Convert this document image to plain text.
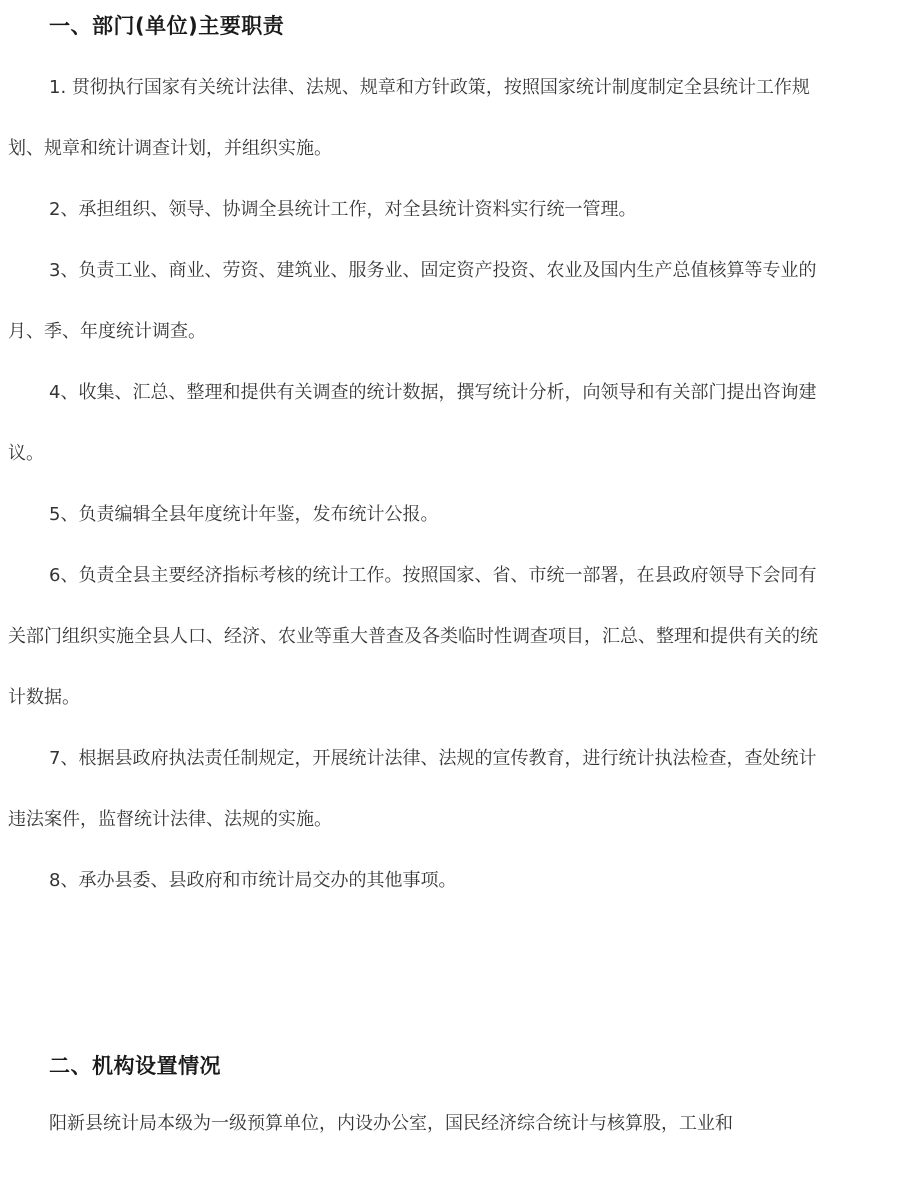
一、部门(单位)主要职责

1. 贯彻执行国家有关统计法律、法规、规章和方针政策，按照国家统计制度制定全县统计工作规划、规章和统计调查计划，并组织实施。

2、承担组织、领导、协调全县统计工作，对全县统计资料实行统一管理。

3、负责工业、商业、劳资、建筑业、服务业、固定资产投资、农业及国内生产总值核算等专业的月、季、年度统计调查。

4、收集、汇总、整理和提供有关调查的统计数据，撰写统计分析，向领导和有关部门提出咨询建议。

5、负责编辑全县年度统计年鉴，发布统计公报。

6、负责全县主要经济指标考核的统计工作。按照国家、省、市统一部署，在县政府领导下会同有关部门组织实施全县人口、经济、农业等重大普查及各类临时性调查项目，汇总、整理和提供有关的统计数据。

7、根据县政府执法责任制规定，开展统计法律、法规的宣传教育，进行统计执法检查，查处统计违法案件，监督统计法律、法规的实施。

8、承办县委、县政府和市统计局交办的其他事项。

二、机构设置情况

阳新县统计局本级为一级预算单位，内设办公室，国民经济综合统计与核算股，工业和
